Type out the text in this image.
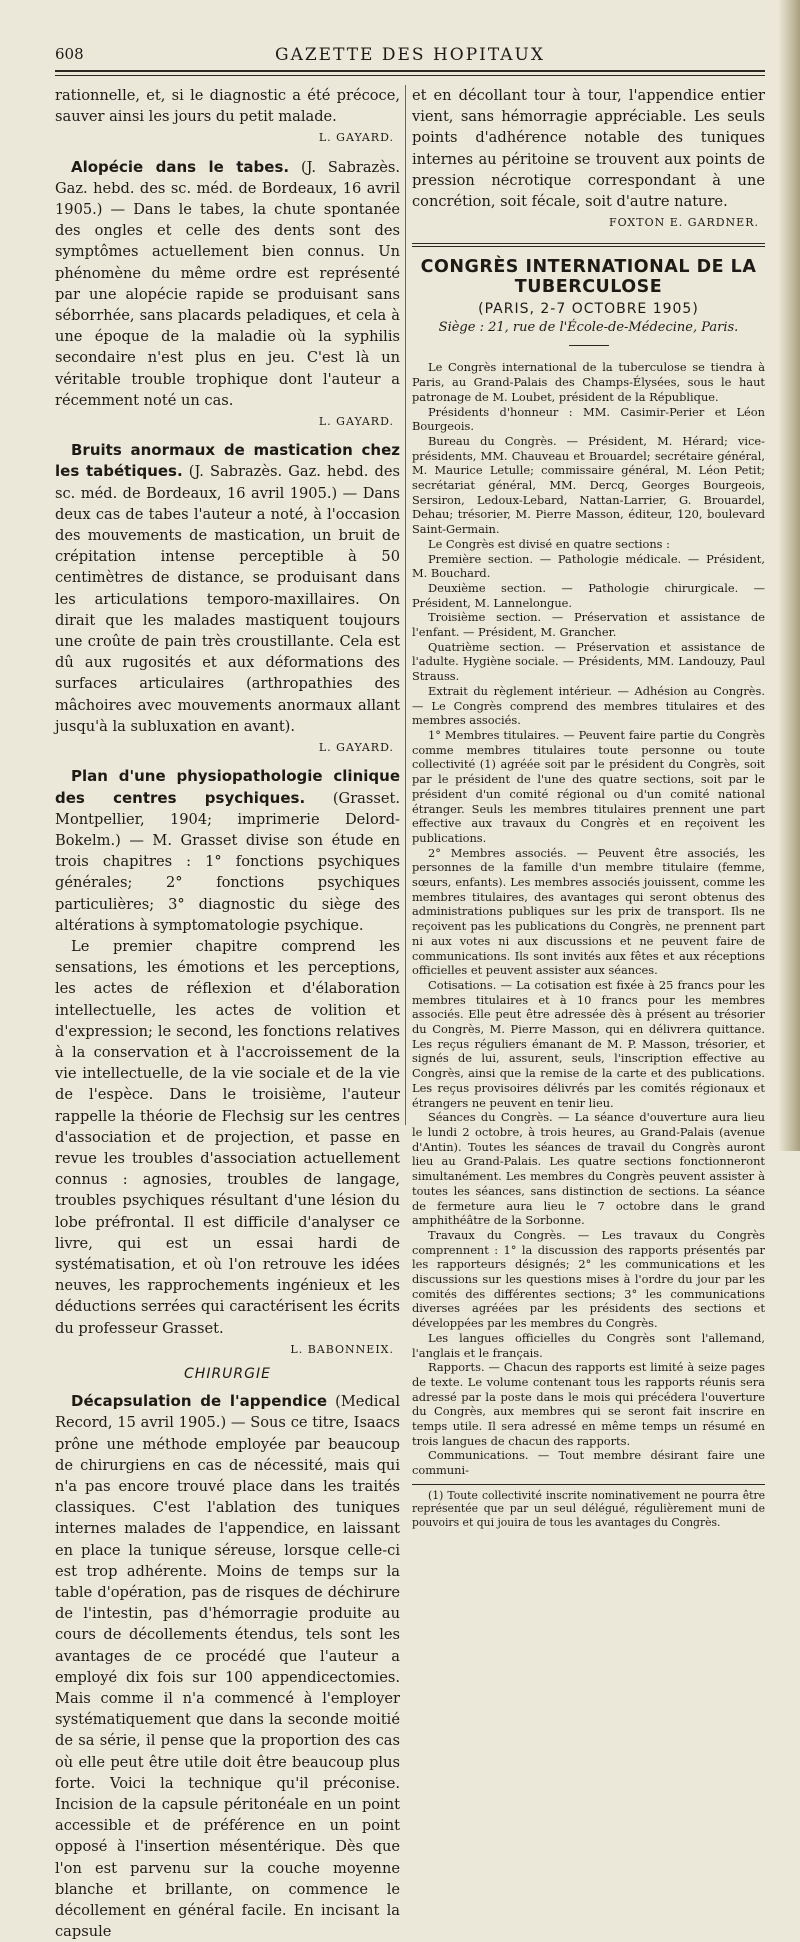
608	GAZETTE DES HOPITAUX

rationnelle, et, si le diagnostic a été précoce, sauver ainsi les jours du petit malade.

L. GAYARD.

Alopécie dans le tabes. (J. Sabrazès. Gaz. hebd. des sc. méd. de Bordeaux, 16 avril 1905.) — Dans le tabes, la chute spontanée des ongles et celle des dents sont des symptômes actuellement bien connus. Un phénomène du même ordre est représenté par une alopécie rapide se produisant sans séborrhée, sans placards peladiques, et cela à une époque de la maladie où la syphilis secondaire n'est plus en jeu. C'est là un véritable trouble trophique dont l'auteur a récemment noté un cas.

L. GAYARD.

Bruits anormaux de mastication chez les tabétiques. (J. Sabrazès. Gaz. hebd. des sc. méd. de Bordeaux, 16 avril 1905.) — Dans deux cas de tabes l'auteur a noté, à l'occasion des mouvements de mastication, un bruit de crépitation intense perceptible à 50 centimètres de distance, se produisant dans les articulations temporo-maxillaires. On dirait que les malades mastiquent toujours une croûte de pain très croustillante. Cela est dû aux rugosités et aux déformations des surfaces articulaires (arthropathies des mâchoires avec mouvements anormaux allant jusqu'à la subluxation en avant).

L. GAYARD.

Plan d'une physiopathologie clinique des centres psychiques. (Grasset. Montpellier, 1904; imprimerie Delord-Bokelm.) — M. Grasset divise son étude en trois chapitres : 1° fonctions psychiques générales; 2° fonctions psychiques particulières; 3° diagnostic du siège des altérations à symptomatologie psychique.

Le premier chapitre comprend les sensations, les émotions et les perceptions, les actes de réflexion et d'élaboration intellectuelle, les actes de volition et d'expression; le second, les fonctions relatives à la conservation et à l'accroissement de la vie intellectuelle, de la vie sociale et de la vie de l'espèce. Dans le troisième, l'auteur rappelle la théorie de Flechsig sur les centres d'association et de projection, et passe en revue les troubles d'association actuellement connus : agnosies, troubles de langage, troubles psychiques résultant d'une lésion du lobe préfrontal. Il est difficile d'analyser ce livre, qui est un essai hardi de systématisation, et où l'on retrouve les idées neuves, les rapprochements ingénieux et les déductions serrées qui caractérisent les écrits du professeur Grasset.

L. BABONNEIX.
CHIRURGIE

Décapsulation de l'appendice (Medical Record, 15 avril 1905.) — Sous ce titre, Isaacs prône une méthode employée par beaucoup de chirurgiens en cas de nécessité, mais qui n'a pas encore trouvé place dans les traités classiques. C'est l'ablation des tuniques internes malades de l'appendice, en laissant en place la tunique séreuse, lorsque celle-ci est trop adhérente. Moins de temps sur la table d'opération, pas de risques de déchirure de l'intestin, pas d'hémorragie produite au cours de décollements étendus, tels sont les avantages de ce procédé que l'auteur a employé dix fois sur 100 appendicectomies. Mais comme il n'a commencé à l'employer systématiquement que dans la seconde moitié de sa série, il pense que la proportion des cas où elle peut être utile doit être beaucoup plus forte. Voici la technique qu'il préconise. Incision de la capsule péritonéale en un point accessible et de préférence en un point opposé à l'insertion mésentérique. Dès que l'on est parvenu sur la couche moyenne blanche et brillante, on commence le décollement en général facile. En incisant la capsule

et en décollant tour à tour, l'appendice entier vient, sans hémorragie appréciable. Les seuls points d'adhérence notable des tuniques internes au péritoine se trouvent aux points de pression nécrotique correspondant à une concrétion, soit fécale, soit d'autre nature.

FOXTON E. GARDNER.
CONGRÈS INTERNATIONAL DE LA TUBERCULOSE
(PARIS, 2-7 OCTOBRE 1905)
Siège : 21, rue de l'École-de-Médecine, Paris.

Le Congrès international de la tuberculose se tiendra à Paris, au Grand-Palais des Champs-Élysées, sous le haut patronage de M. Loubet, président de la République.

Présidents d'honneur : MM. Casimir-Perier et Léon Bourgeois.

Bureau du Congrès. — Président, M. Hérard; vice-présidents, MM. Chauveau et Brouardel; secrétaire général, M. Maurice Letulle; commissaire général, M. Léon Petit; secrétariat général, MM. Dercq, Georges Bourgeois, Sersiron, Ledoux-Lebard, Nattan-Larrier, G. Brouardel, Dehau; trésorier, M. Pierre Masson, éditeur, 120, boulevard Saint-Germain.

Le Congrès est divisé en quatre sections :

Première section. — Pathologie médicale. — Président, M. Bouchard.

Deuxième section. — Pathologie chirurgicale. — Président, M. Lannelongue.

Troisième section. — Préservation et assistance de l'enfant. — Président, M. Grancher.

Quatrième section. — Préservation et assistance de l'adulte. Hygiène sociale. — Présidents, MM. Landouzy, Paul Strauss.

Extrait du règlement intérieur. — Adhésion au Congrès. — Le Congrès comprend des membres titulaires et des membres associés.

1° Membres titulaires. — Peuvent faire partie du Congrès comme membres titulaires toute personne ou toute collectivité (1) agréée soit par le président du Congrès, soit par le président de l'une des quatre sections, soit par le président d'un comité régional ou d'un comité national étranger. Seuls les membres titulaires prennent une part effective aux travaux du Congrès et en reçoivent les publications.

2° Membres associés. — Peuvent être associés, les personnes de la famille d'un membre titulaire (femme, sœurs, enfants). Les membres associés jouissent, comme les membres titulaires, des avantages qui seront obtenus des administrations publiques sur les prix de transport. Ils ne reçoivent pas les publications du Congrès, ne prennent part ni aux votes ni aux discussions et ne peuvent faire de communications. Ils sont invités aux fêtes et aux réceptions officielles et peuvent assister aux séances.

Cotisations. — La cotisation est fixée à 25 francs pour les membres titulaires et à 10 francs pour les membres associés. Elle peut être adressée dès à présent au trésorier du Congrès, M. Pierre Masson, qui en délivrera quittance. Les reçus réguliers émanant de M. P. Masson, trésorier, et signés de lui, assurent, seuls, l'inscription effective au Congrès, ainsi que la remise de la carte et des publications. Les reçus provisoires délivrés par les comités régionaux et étrangers ne peuvent en tenir lieu.

Séances du Congrès. — La séance d'ouverture aura lieu le lundi 2 octobre, à trois heures, au Grand-Palais (avenue d'Antin). Toutes les séances de travail du Congrès auront lieu au Grand-Palais. Les quatre sections fonctionneront simultanément. Les membres du Congrès peuvent assister à toutes les séances, sans distinction de sections. La séance de fermeture aura lieu le 7 octobre dans le grand amphithéâtre de la Sorbonne.

Travaux du Congrès. — Les travaux du Congrès comprennent : 1° la discussion des rapports présentés par les rapporteurs désignés; 2° les communications et les discussions sur les questions mises à l'ordre du jour par les comités des différentes sections; 3° les communications diverses agréées par les présidents des sections et développées par les membres du Congrès.

Les langues officielles du Congrès sont l'allemand, l'anglais et le français.

Rapports. — Chacun des rapports est limité à seize pages de texte. Le volume contenant tous les rapports réunis sera adressé par la poste dans le mois qui précédera l'ouverture du Congrès, aux membres qui se seront fait inscrire en temps utile. Il sera adressé en même temps un résumé en trois langues de chacun des rapports.

Communications. — Tout membre désirant faire une communi-

(1) Toute collectivité inscrite nominativement ne pourra être représentée que par un seul délégué, régulièrement muni de pouvoirs et qui jouira de tous les avantages du Congrès.
